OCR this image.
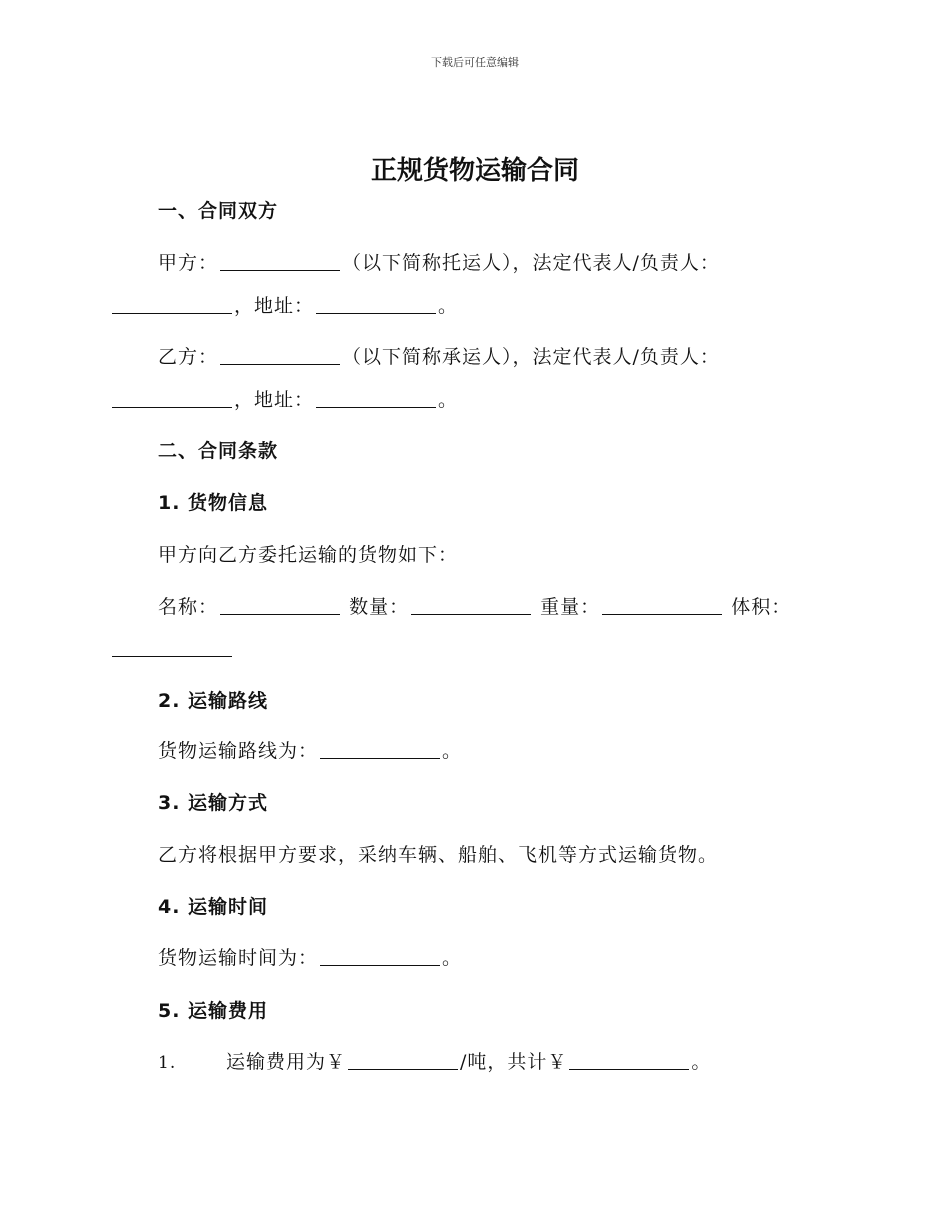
下载后可任意编辑
正规货物运输合同
一、合同双方
甲方：	（以下简称托运人），法定代表人/负责人：
，地址：	。
乙方：	（以下简称承运人），法定代表人/负责人：
，地址：	。
二、合同条款
1. 货物信息
甲方向乙方委托运输的货物如下：
名称：	数量：	重量：	体积：
2. 运输路线
货物运输路线为：	。
3. 运输方式
乙方将根据甲方要求，采纳车辆、船舶、飞机等方式运输货物。
4. 运输时间
货物运输时间为：	。
5. 运输费用
1.	运输费用为￥	/吨，共计￥	。
